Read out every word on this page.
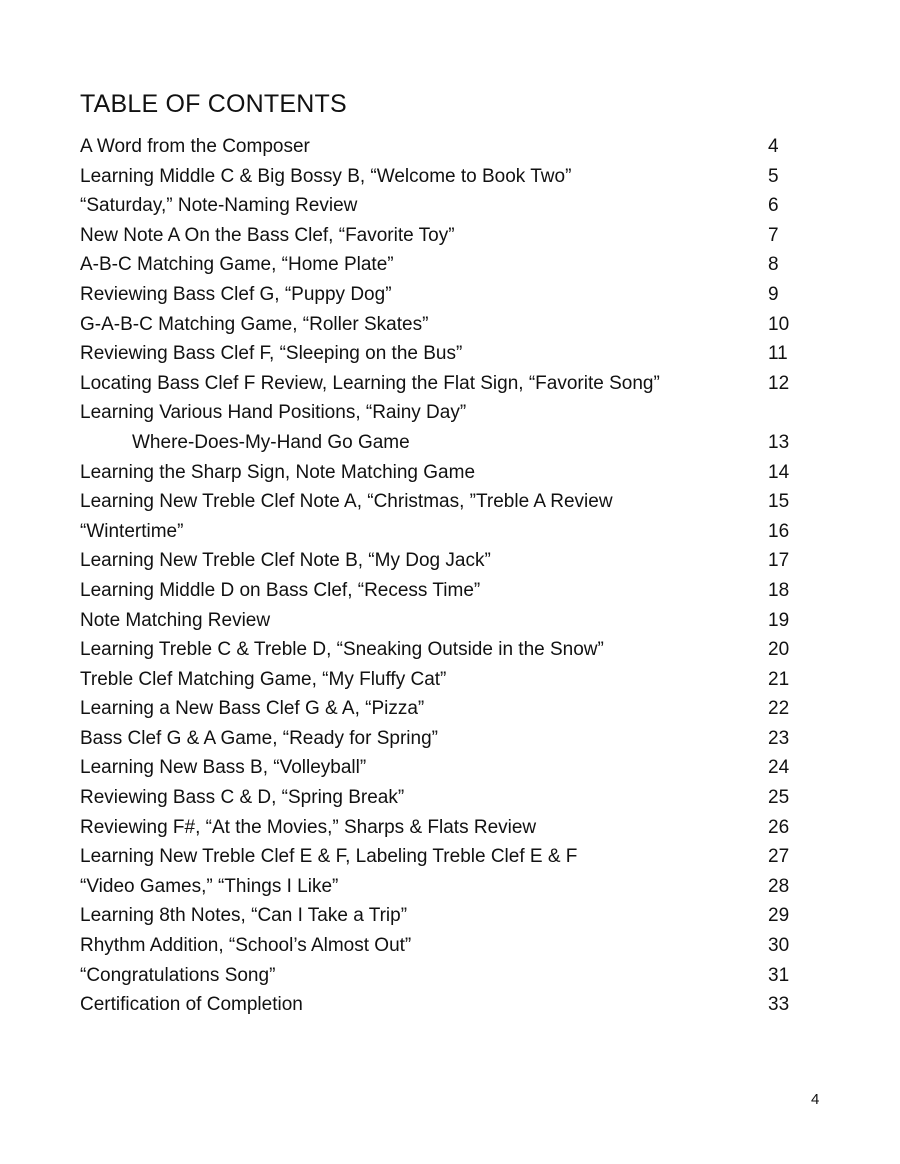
TABLE OF CONTENTS
A Word from the Composer	4
Learning Middle C & Big Bossy B, “Welcome to Book Two”	5
“Saturday,” Note-Naming Review	6
New Note A On the Bass Clef, “Favorite Toy”	7
A-B-C Matching Game, “Home Plate”	8
Reviewing Bass Clef G, “Puppy Dog”	9
G-A-B-C Matching Game, “Roller Skates”	10
Reviewing Bass Clef F, “Sleeping on the Bus”	11
Locating Bass Clef F Review, Learning the Flat Sign, “Favorite Song”	12
Learning Various Hand Positions, “Rainy Day”
Where-Does-My-Hand Go Game	13
Learning the Sharp Sign, Note Matching Game	14
Learning New Treble Clef Note A, “Christmas, ”Treble A Review	15
“Wintertime”	16
Learning New Treble Clef Note B, “My Dog Jack”	17
Learning Middle D on Bass Clef, “Recess Time”	18
Note Matching Review	19
Learning Treble C & Treble D, “Sneaking Outside in the Snow”	20
Treble Clef Matching Game, “My Fluffy Cat”	21
Learning a New Bass Clef G & A, “Pizza”	22
Bass Clef G & A Game, “Ready for Spring”	23
Learning New Bass B, “Volleyball”	24
Reviewing Bass C & D, “Spring Break”	25
Reviewing F#, “At the Movies,” Sharps & Flats Review	26
Learning New Treble Clef E & F, Labeling Treble Clef E & F	27
“Video Games,” “Things I Like”	28
Learning 8th Notes, “Can I Take a Trip”	29
Rhythm Addition, “School’s Almost Out”	30
“Congratulations Song”	31
Certification of Completion	33
4
